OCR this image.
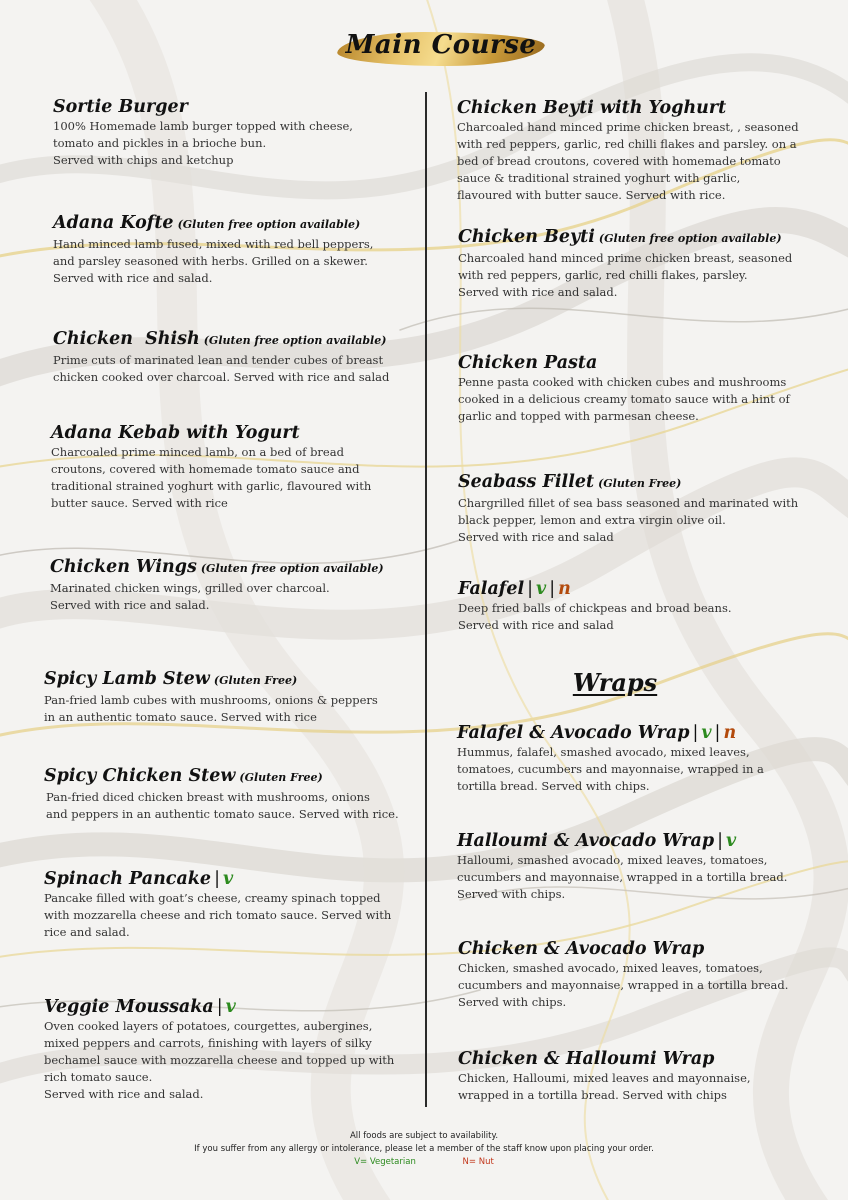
Main Course
Sortie Burger
100% Homemade lamb burger topped with cheese,
tomato and pickles in a brioche bun.
Served with chips and ketchup
Adana Kofte (Gluten free option available)
Hand minced lamb fused, mixed with red bell peppers,
and parsley seasoned with herbs. Grilled on a skewer.
Served with rice and salad.
Chicken  Shish (Gluten free option available)
Prime cuts of marinated lean and tender cubes of breast
chicken cooked over charcoal. Served with rice and salad
Adana Kebab with Yogurt
Charcoaled prime minced lamb, on a bed of bread
croutons, covered with homemade tomato sauce and
traditional strained yoghurt with garlic, flavoured with
butter sauce. Served with rice
Chicken Wings (Gluten free option available)
Marinated chicken wings, grilled over charcoal.
Served with rice and salad.
Spicy Lamb Stew (Gluten Free)
Pan-fried lamb cubes with mushrooms, onions & peppers
in an authentic tomato sauce. Served with rice
Spicy Chicken Stew (Gluten Free)
Pan-fried diced chicken breast with mushrooms, onions
and peppers in an authentic tomato sauce. Served with rice.
Spinach Pancake | v
Pancake filled with goat’s cheese, creamy spinach topped
with mozzarella cheese and rich tomato sauce. Served with
rice and salad.
Veggie Moussaka | v
Oven cooked layers of potatoes, courgettes, aubergines,
mixed peppers and carrots, finishing with layers of silky
bechamel sauce with mozzarella cheese and topped up with
rich tomato sauce.
Served with rice and salad.
Chicken Beyti with Yoghurt
Charcoaled hand minced prime chicken breast, , seasoned
with red peppers, garlic, red chilli flakes and parsley. on a
bed of bread croutons, covered with homemade tomato
sauce & traditional strained yoghurt with garlic,
flavoured with butter sauce. Served with rice.
Chicken Beyti (Gluten free option available)
Charcoaled hand minced prime chicken breast, seasoned
with red peppers, garlic, red chilli flakes, parsley.
Served with rice and salad.
Chicken Pasta
Penne pasta cooked with chicken cubes and mushrooms
cooked in a delicious creamy tomato sauce with a hint of
garlic and topped with parmesan cheese.
Seabass Fillet (Gluten Free)
Chargrilled fillet of sea bass seasoned and marinated with
black pepper, lemon and extra virgin olive oil.
Served with rice and salad
Falafel | v | n
Deep fried balls of chickpeas and broad beans.
Served with rice and salad
Wraps
Falafel & Avocado Wrap | v | n
Hummus, falafel, smashed avocado, mixed leaves,
tomatoes, cucumbers and mayonnaise, wrapped in a
tortilla bread. Served with chips.
Halloumi & Avocado Wrap | v
Halloumi, smashed avocado, mixed leaves, tomatoes,
cucumbers and mayonnaise, wrapped in a tortilla bread.
Served with chips.
Chicken & Avocado Wrap
Chicken, smashed avocado, mixed leaves, tomatoes,
cucumbers and mayonnaise, wrapped in a tortilla bread.
Served with chips.
Chicken & Halloumi Wrap
Chicken, Halloumi, mixed leaves and mayonnaise,
wrapped in a tortilla bread. Served with chips
All foods are subject to availability.
If you suffer from any allergy or intolerance, please let a member of the staff know upon placing your order.
V= Vegetarian	N= Nut
